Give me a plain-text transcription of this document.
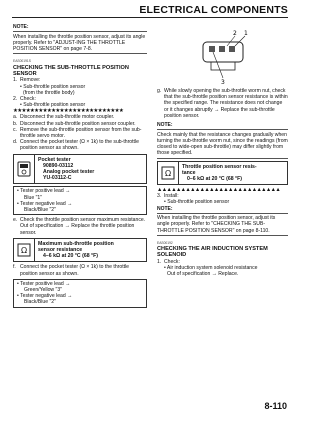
ELECTRICAL COMPONENTS
NOTE:
When installing the throttle position sensor, adjust its angle properly. Refer to "ADJUST-ING THE THROTTLE POSITION SENSOR" on page 7-8.
EAS00191S
CHECKING THE SUB-THROTTLE POSITION SENSOR
1. Remove:
• Sub-throttle position sensor
(from the throttle body)
2. Check:
• Sub-throttle position sensor
★★★★★★★★★★★★★★★★★★★★★★★★★★
a. Disconnect the sub-throttle motor coupler.
b. Disconnect the sub-throttle position sensor coupler.
c. Remove the sub-throttle position sensor from the sub-throttle servo motor.
d. Connect the pocket tester (Ω × 1k) to the sub-throttle position sensor as shown.
Pocket tester
90890-03112
Analog pocket tester
YU-03112-C
• Tester positive lead →
Blue "1"
• Tester negative lead →
Black/Blue "2"
e. Check the throttle position sensor maximum resistance. Out of specification → Replace the throttle position sensor.
Ω
Maximum sub-throttle position
sensor resistance
4–6 kΩ at 20 °C (68 °F)
f. Connect the pocket tester (Ω × 1k) to the throttle position sensor as shown.
• Tester positive lead →
Green/Yellow "3"
• Tester negative lead →
Black/Blue "2"
2 1
3
g. While slowly opening the sub-throttle worm nut, check that the sub-throttle position sensor resistance is within the specified range. The resistance does not change or it changes abruptly → Replace the sub-throttle position sensor.
NOTE:
Check mainly that the resistance changes gradually when turning the sub-throttle worm nut, since the readings (from closed to wide-open sub-throttle) may differ slightly from those specified.
Ω
Throttle position sensor resis-
tance
0–6 kΩ at 20 °C (68 °F)
▲▲▲▲▲▲▲▲▲▲▲▲▲▲▲▲▲▲▲▲▲▲▲▲▲▲
3. Install:
• Sub-throttle position sensor
NOTE:
When installing the throttle position sensor, adjust its angle properly. Refer to "CHECKING THE SUB-THROTTLE POSITION SENSOR" on page 8-110.
EAS00192
CHECKING THE AIR INDUCTION SYSTEM SOLENOID
1. Check:
• Air induction system solenoid resistance
Out of specification → Replace.
8-110
